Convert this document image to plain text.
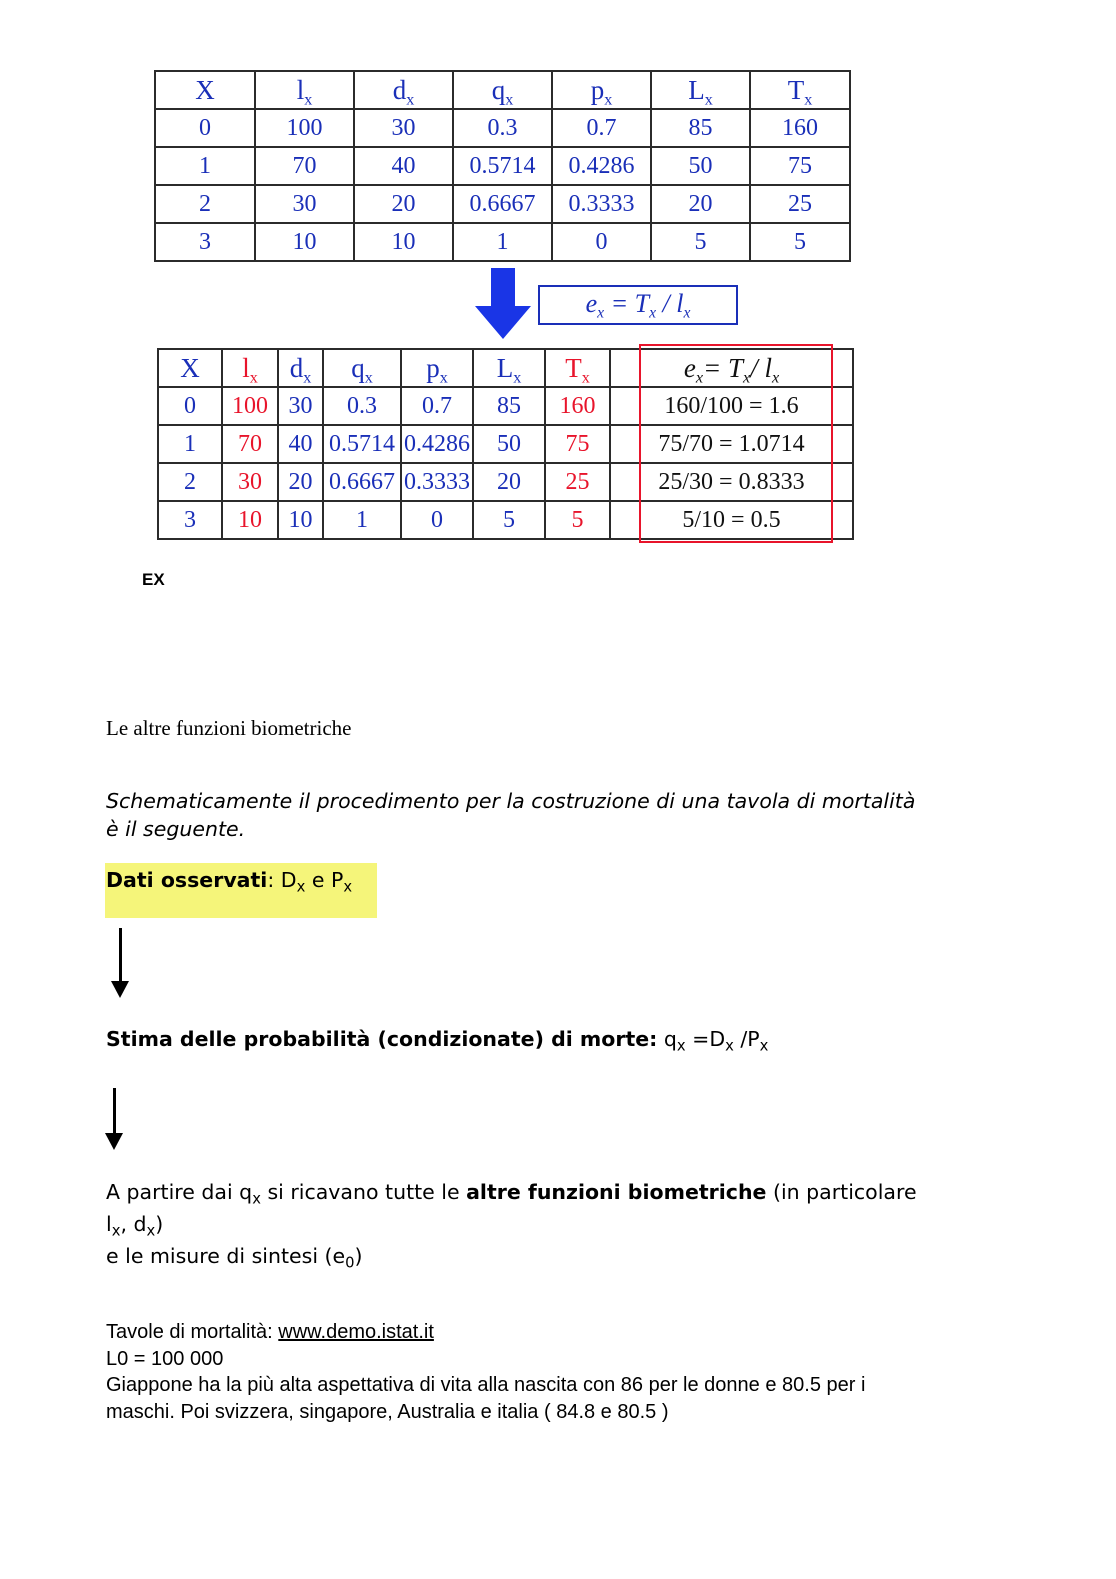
X	$l_x$	$d_x$	$q_x$	$p_x$	$L_x$	$T_x$
0	100	30	0.3	0.7	85	160
1	70	40	0.5714	0.4286	50	75
2	30	20	0.6667	0.3333	20	25
3	10	10	1	0	5	5
$e_x = T_x / l_x$
X	$l_x$	$d_x$	$q_x$	$p_x$	$L_x$	$T_x$	$e_x= T_x/$ $l_x$
0	100	30	0.3	0.7	85	160	160/100 = 1.6
1	70	40	0.5714	0.4286	50	75	75/70 = 1.0714
2	30	20	0.6667	0.3333	20	25	25/30 = 0.8333
3	10	10	1	0	5	5	5/10 = 0.5
EX
Le altre funzioni biometriche
Schematicamente il procedimento per la costruzione di una tavola di mortalità
è il seguente.
Dati osservati: $D_x$ e $P_x$
Stima delle probabilità (condizionate) di morte: $q_x =D_x$ $/P_x$
A partire dai $q_x$ si ricavano tutte le altre funzioni biometriche (in particolare
$l_x$, $d_x$)
e le misure di sintesi $(e_0)$
Tavole di mortalità: www.demo.istat.it
L0 = 100 000
Giappone ha la più alta aspettativa di vita alla nascita con 86 per le donne e 80.5 per i
maschi. Poi svizzera, singapore, Australia e italia ( 84.8 e 80.5 )
